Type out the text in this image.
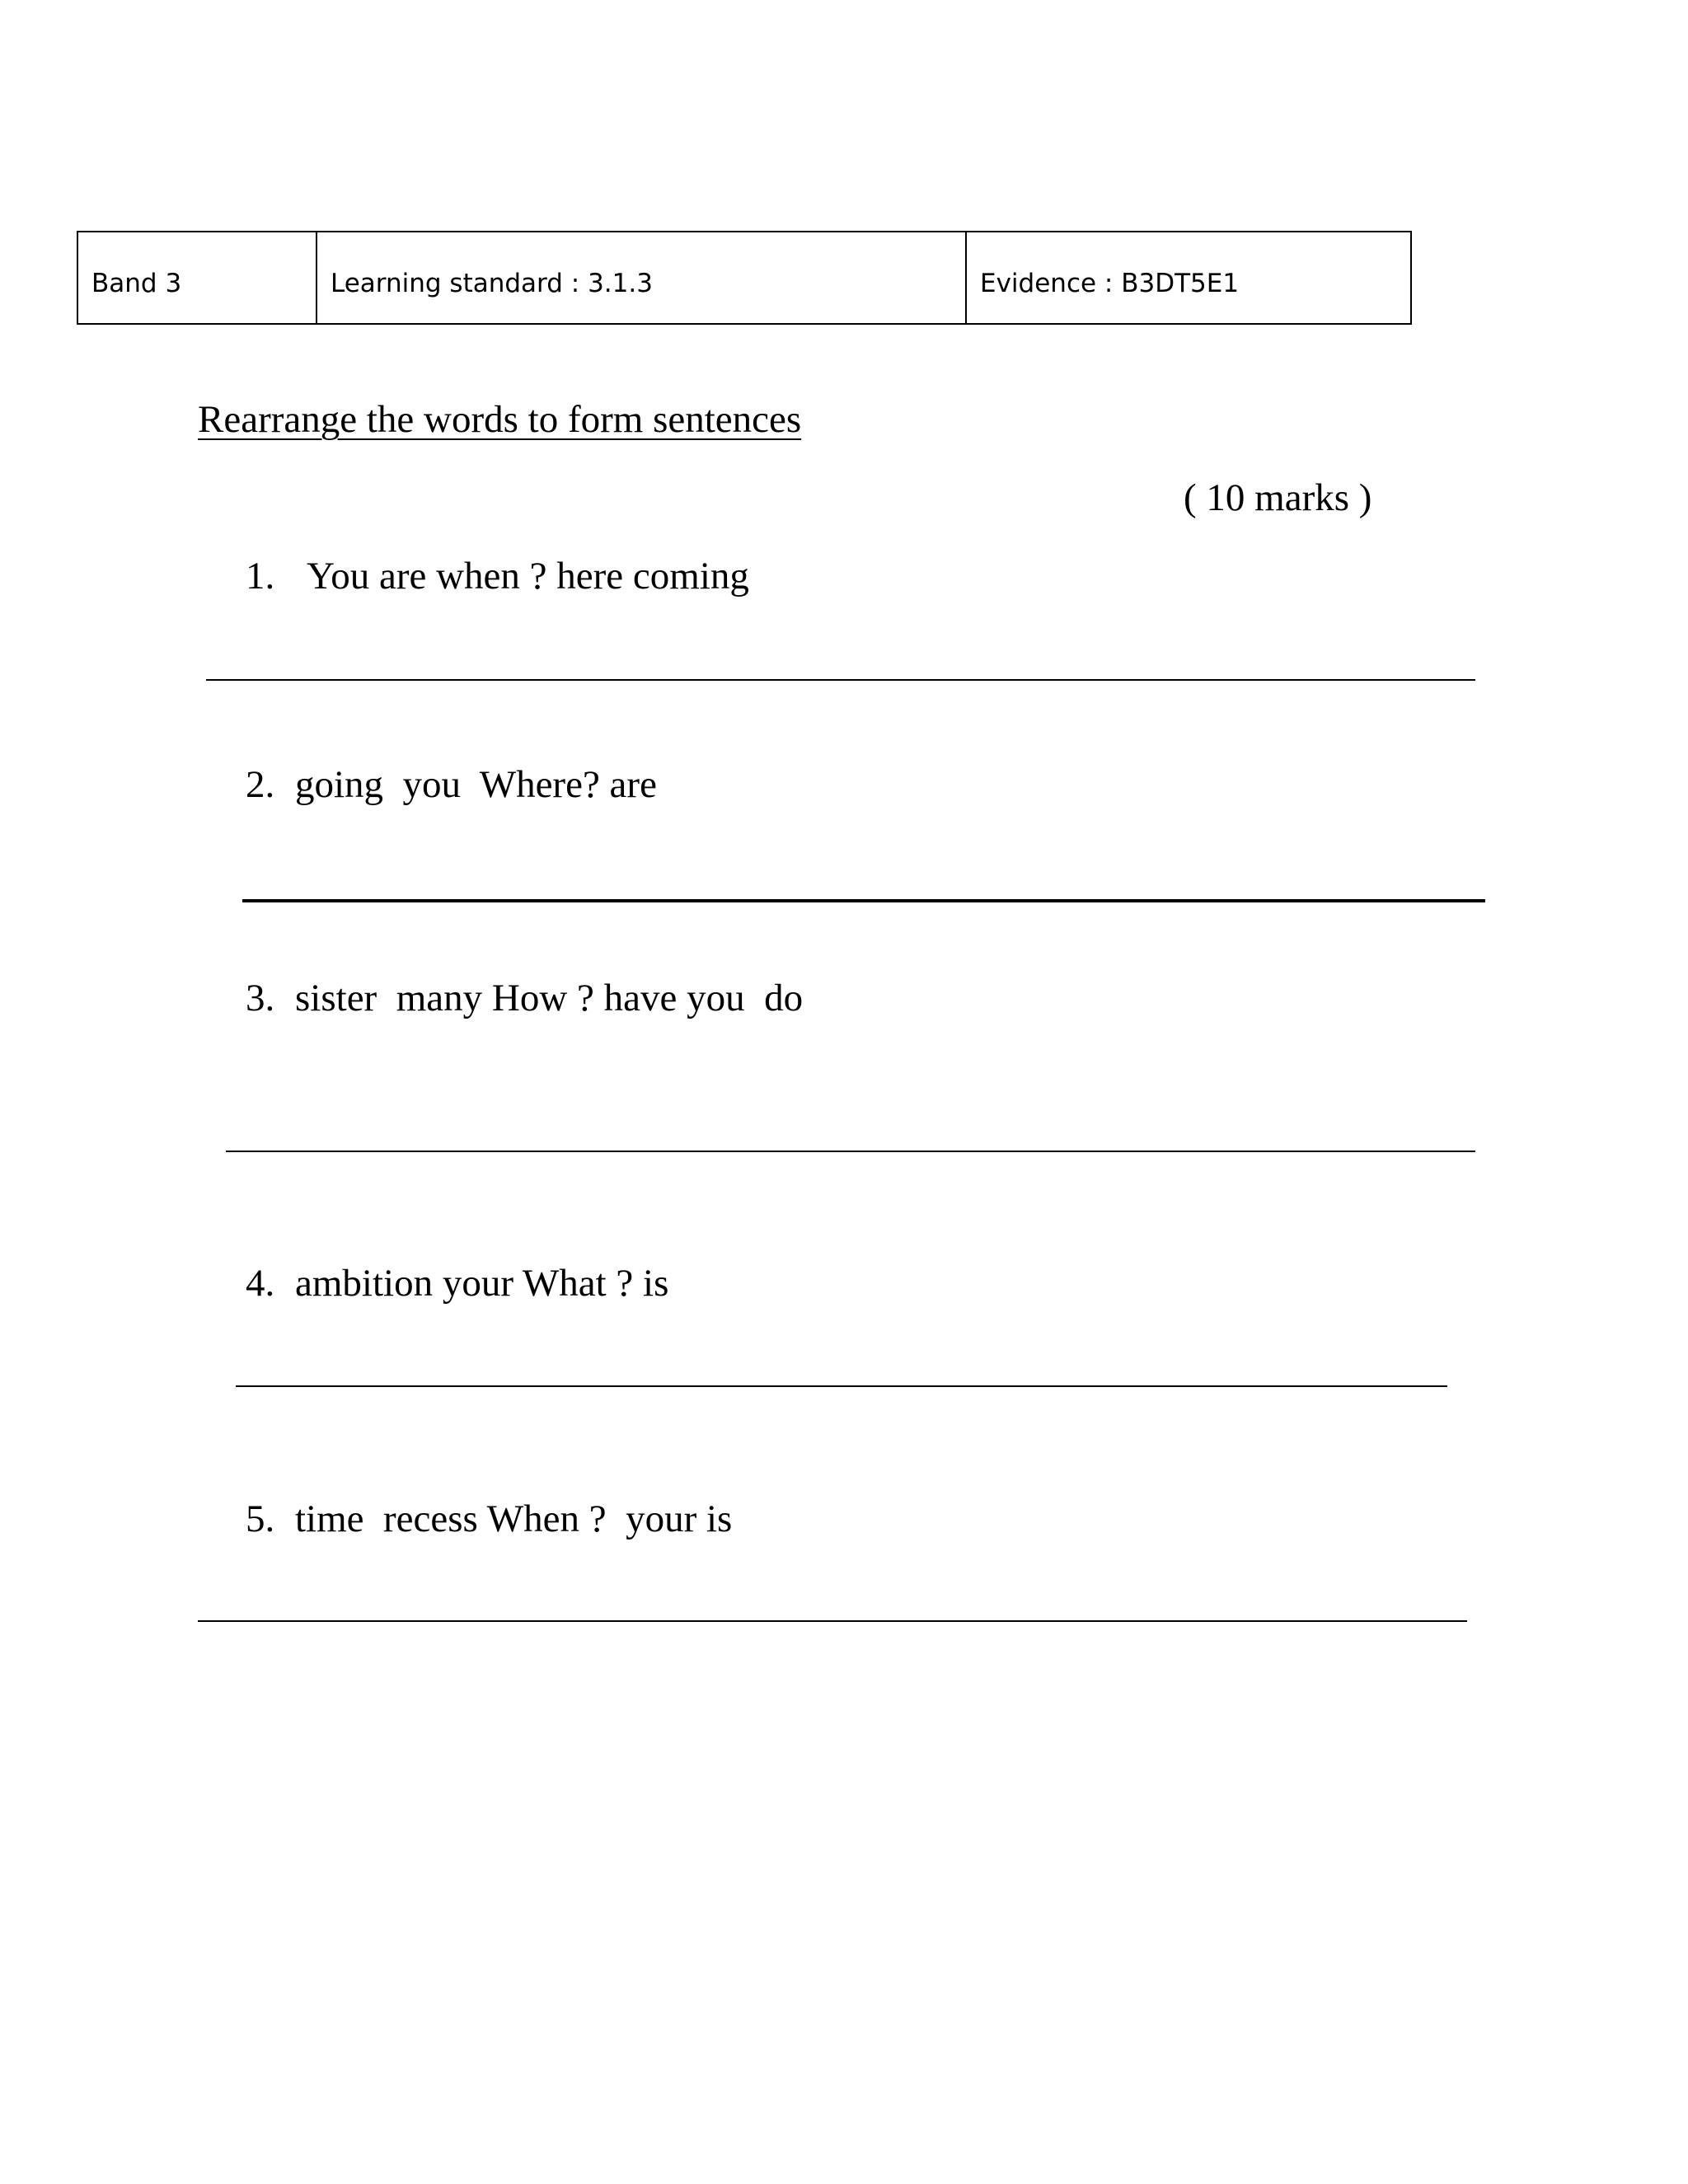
Band 3	Learning standard : 3.1.3	Evidence : B3DT5E1
Rearrange the words to form sentences
( 10 marks )
1. You are when ? here coming
2. going  you  Where? are
3. sister  many How ? have you  do
4. ambition your What ? is
5. time  recess When ?  your is
